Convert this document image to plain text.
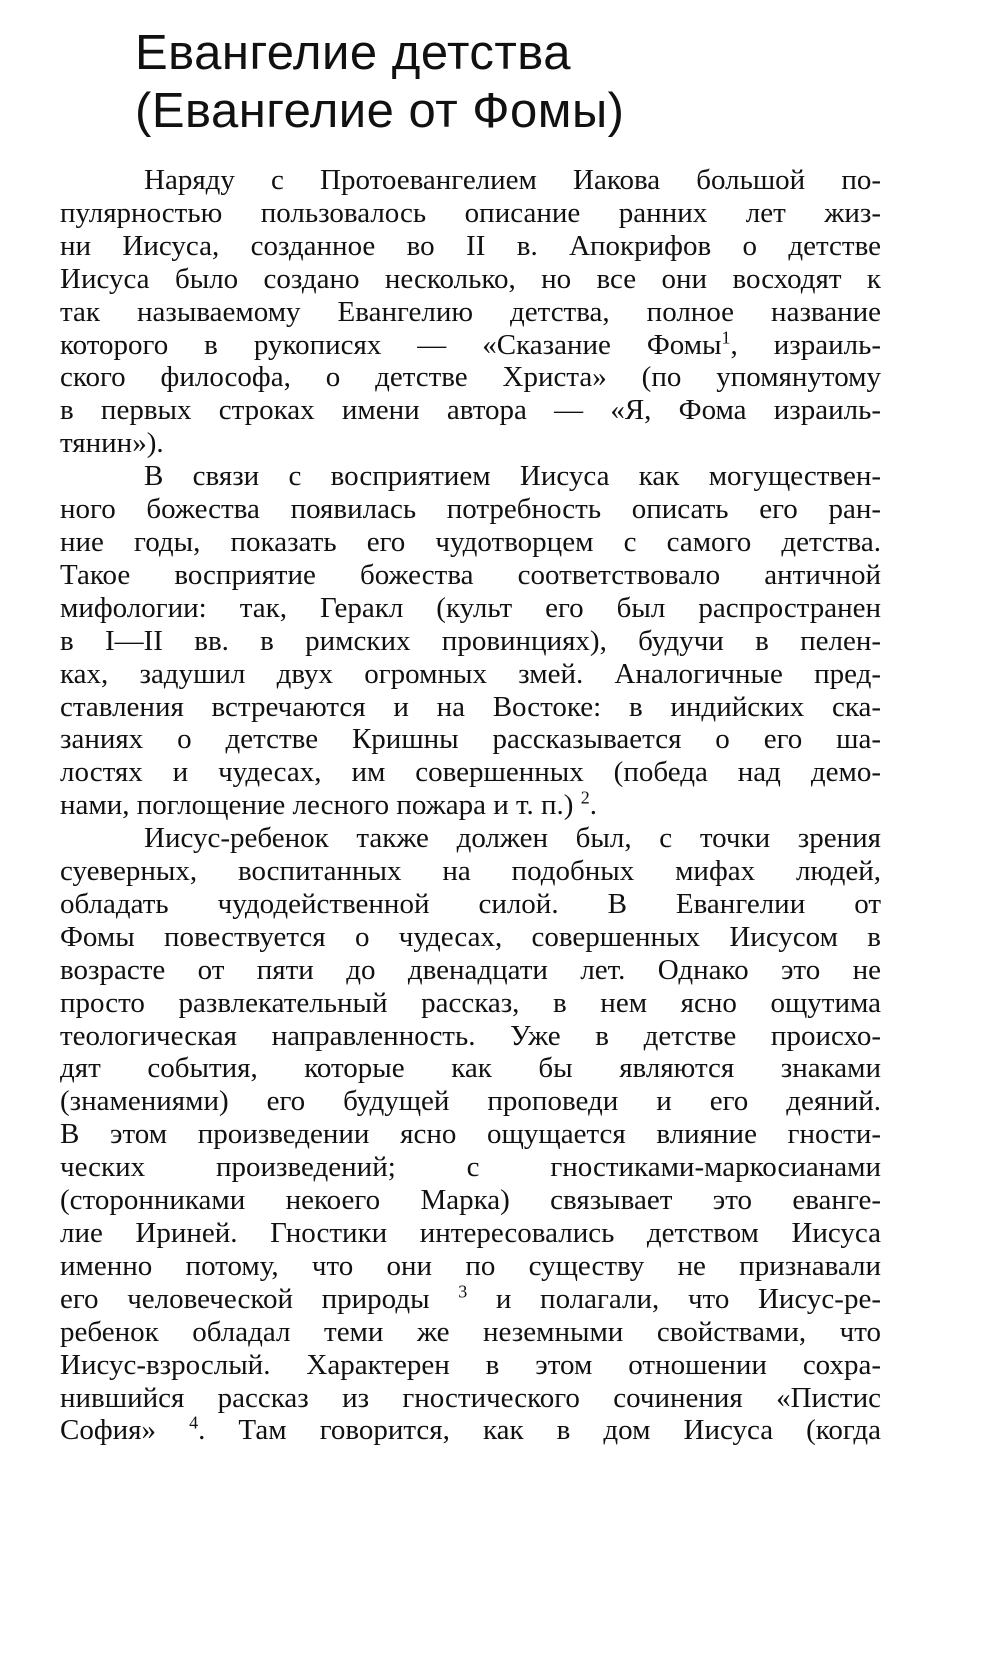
Евангелие детства
(Евангелие от Фомы)
Наряду с Протоевангелием Иакова большой по-
пулярностью пользовалось описание ранних лет жиз-
ни Иисуса, созданное во II в. Апокрифов о детстве
Иисуса было создано несколько, но все они восходят к
так называемому Евангелию детства, полное название
которого в рукописях — «Сказание Фомы$^1$, израиль-
ского философа, о детстве Христа» (по упомянутому
в первых строках имени автора — «Я, Фома израиль-
тянин»).
В связи с восприятием Иисуса как могуществен-
ного божества появилась потребность описать его ран-
ние годы, показать его чудотворцем с самого детства.
Такое восприятие божества соответствовало античной
мифологии: так, Геракл (культ его был распространен
в I—II вв. в римских провинциях), будучи в пелен-
ках, задушил двух огромных змей. Аналогичные пред-
ставления встречаются и на Востоке: в индийских ска-
заниях о детстве Кришны рассказывается о его ша-
лостях и чудесах, им совершенных (победа над демо-
нами, поглощение лесного пожара и т. п.) $^2$.
Иисус-ребенок также должен был, с точки зрения
суеверных, воспитанных на подобных мифах людей,
обладать чудодейственной силой. В Евангелии от
Фомы повествуется о чудесах, совершенных Иисусом в
возрасте от пяти до двенадцати лет. Однако это не
просто развлекательный рассказ, в нем ясно ощутима
теологическая направленность. Уже в детстве происхо-
дят события, которые как бы являются знаками
(знамениями) его будущей проповеди и его деяний.
В этом произведении ясно ощущается влияние гности-
ческих произведений; с гностиками-маркосианами
(сторонниками некоего Марка) связывает это еванге-
лие Ириней. Гностики интересовались детством Иисуса
именно потому, что они по существу не признавали
его человеческой природы $^3$ и полагали, что Иисус-ре-
ребенок обладал теми же неземными свойствами, что
Иисус-взрослый. Характерен в этом отношении сохра-
нившийся рассказ из гностического сочинения «Пистис
София» $^4$. Там говорится, как в дом Иисуса (когда
